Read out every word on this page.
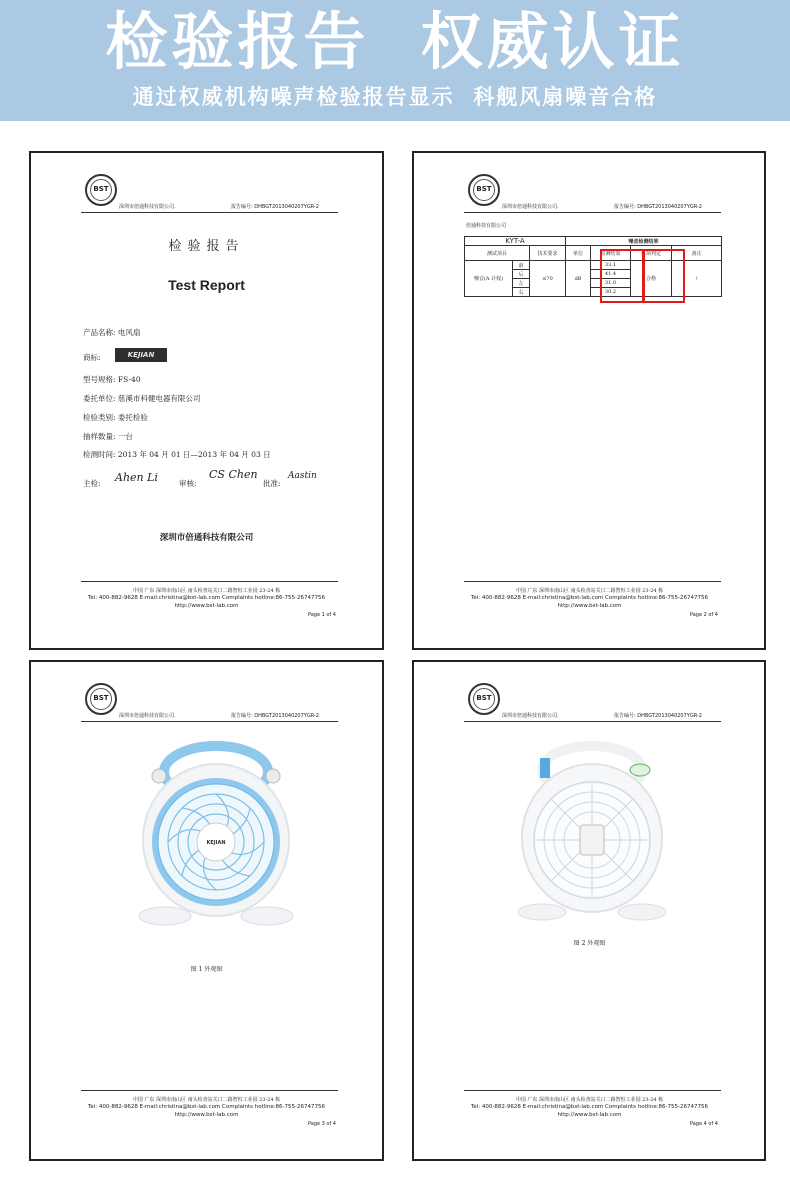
检验报告  权威认证
通过权威机构噪声检验报告显示  科舰风扇噪音合格
BST
深圳市倍通科技有限公司.	报告编号: DHBGT2013040207YGR-2
检验报告
Test Report
产品名称: 电风扇
商标:	KEJIAN
型号规格: FS-40
委托单位: 慈溪市科健电器有限公司
检验类别: 委托检验
抽样数量: 一台
检测时间: 2013 年 04 月 01 日—2013 年 04 月 03 日
主检: Ahen Li	审核:
CS Chen
批准:
Aastin
深圳市倍通科技有限公司
中国 广东 深圳市南山区 南头检查站关口二路智恒工业园 23-24 栋
Tel: 400-882-9628 E-mail:christina@bst-lab.com Complaints hotline:86-755-26747756
http://www.bst-lab.com
Page 1 of 4
BST
深圳市倍通科技有限公司.	报告编号: DHBGT2013040207YGR-2
倍通科技有限公司
KYT-A			噪音检测结果			
测试项目		技术要求	单位	检测结果	单项判定	备注
噪音(A 计权)	前	≤70	dB	33.1	合格	/
	后			41.4		
	左			31.0		
	右			30.2		
中国 广东 深圳市南山区 南头检查站关口二路智恒工业园 23-24 栋
Tel: 400-882-9628 E-mail:christina@bst-lab.com Complaints hotline:86-755-26747756
http://www.bst-lab.com
Page 2 of 4
BST
深圳市倍通科技有限公司.	报告编号: DHBGT2013040207YGR-2
KEJIAN
图 1 外观图
中国 广东 深圳市南山区 南头检查站关口二路智恒工业园 23-24 栋
Tel: 400-882-9628 E-mail:christina@bst-lab.com Complaints hotline:86-755-26747756
http://www.bst-lab.com
Page 3 of 4
BST
深圳市倍通科技有限公司.	报告编号: DHBGT2013040207YGR-2
图 2 外观图
中国 广东 深圳市南山区 南头检查站关口二路智恒工业园 23-24 栋
Tel: 400-882-9628 E-mail:christina@bst-lab.com Complaints hotline:86-755-26747756
http://www.bst-lab.com
Page 4 of 4
